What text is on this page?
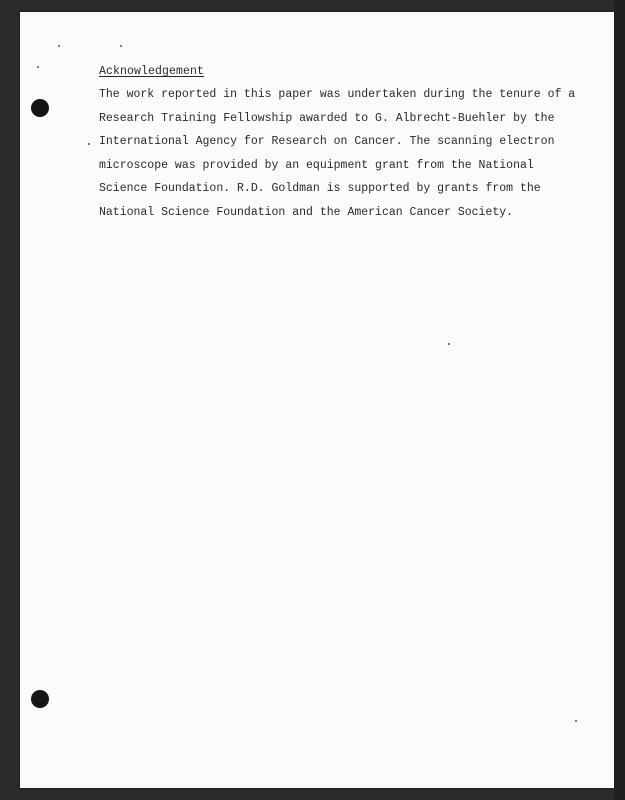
Acknowledgement

The work reported in this paper was undertaken during the tenure of a
Research Training Fellowship awarded to G. Albrecht-Buehler by the
International Agency for Research on Cancer. The scanning electron
microscope was provided by an equipment grant from the National
Science Foundation. R.D. Goldman is supported by grants from the
National Science Foundation and the American Cancer Society.
